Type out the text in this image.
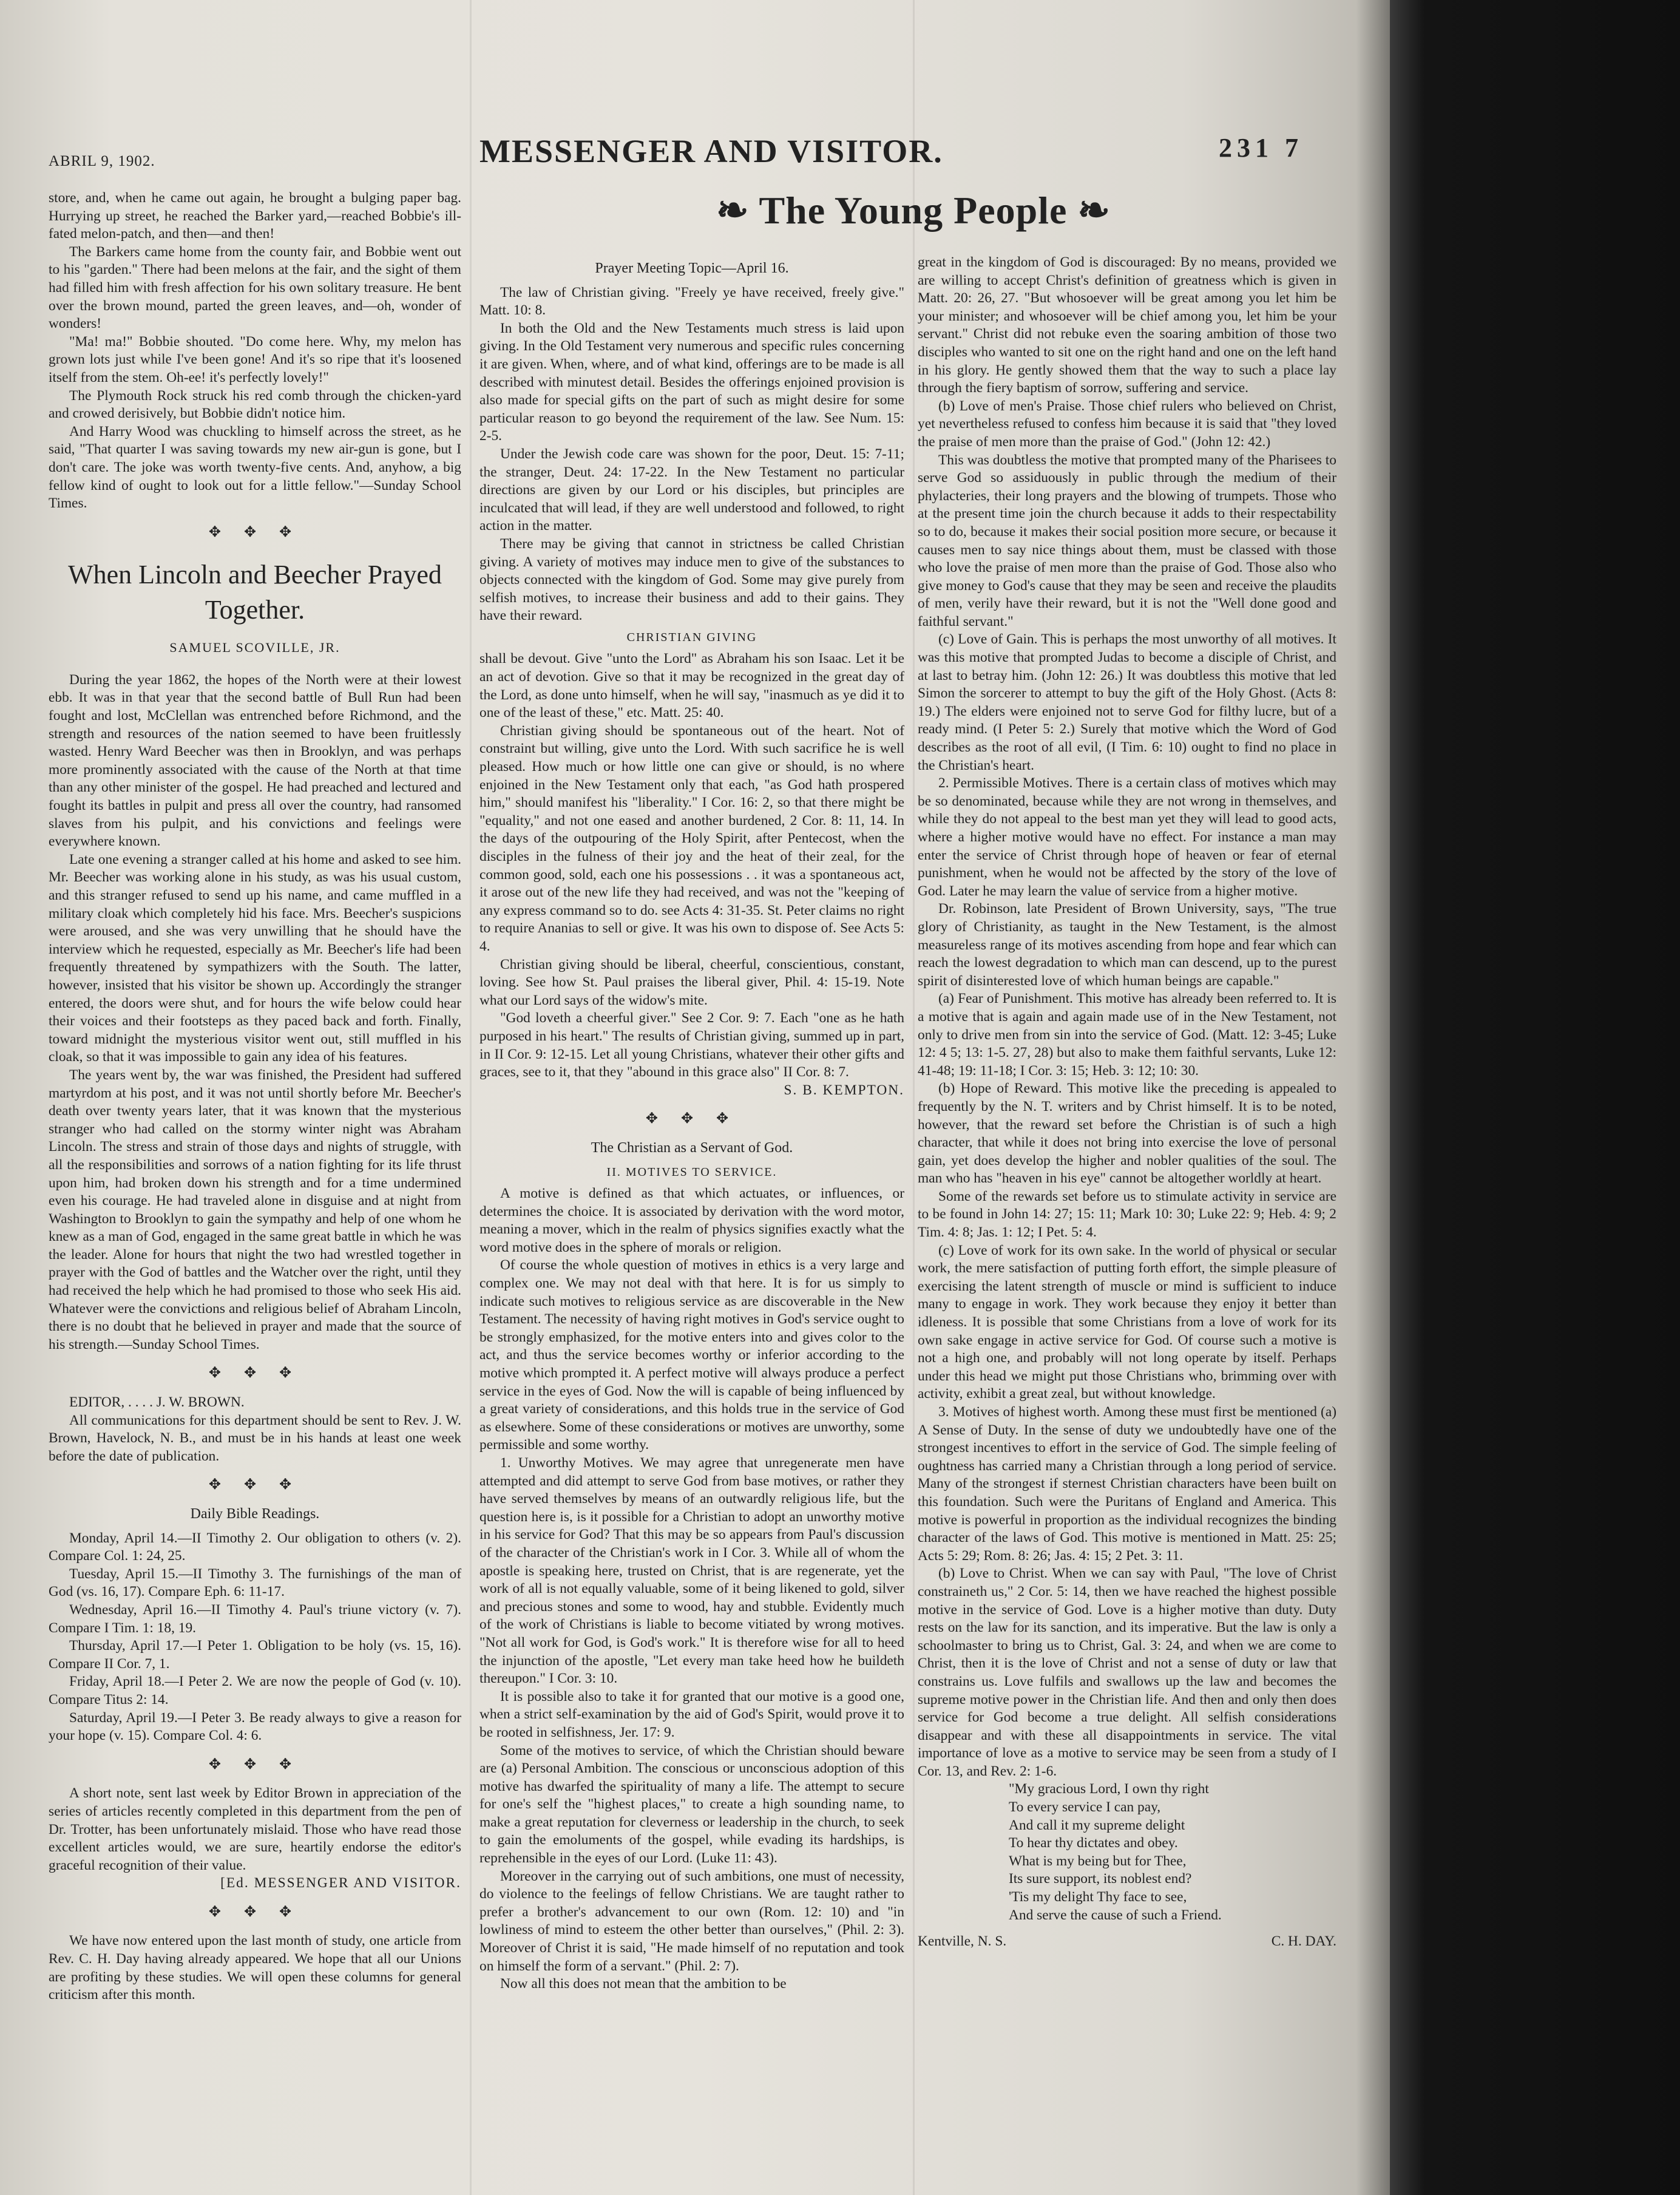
ABRIL 9, 1902.	MESSENGER AND VISITOR.	231 7
❧ The Young People ❧

store, and, when he came out again, he brought a bulging paper bag. Hurrying up street, he reached the Barker yard,—reached Bobbie's ill-fated melon-patch, and then—and then!

The Barkers came home from the county fair, and Bobbie went out to his "garden." There had been melons at the fair, and the sight of them had filled him with fresh affection for his own solitary treasure. He bent over the brown mound, parted the green leaves, and—oh, wonder of wonders!

"Ma! ma!" Bobbie shouted. "Do come here. Why, my melon has grown lots just while I've been gone! And it's so ripe that it's loosened itself from the stem. Oh-ee! it's perfectly lovely!"

The Plymouth Rock struck his red comb through the chicken-yard and crowed derisively, but Bobbie didn't notice him.

And Harry Wood was chuckling to himself across the street, as he said, "That quarter I was saving towards my new air-gun is gone, but I don't care. The joke was worth twenty-five cents. And, anyhow, a big fellow kind of ought to look out for a little fellow."—Sunday School Times.

✥ ✥ ✥
When Lincoln and Beecher Prayed Together.
SAMUEL SCOVILLE, JR.

During the year 1862, the hopes of the North were at their lowest ebb. It was in that year that the second battle of Bull Run had been fought and lost, McClellan was entrenched before Richmond, and the strength and resources of the nation seemed to have been fruitlessly wasted. Henry Ward Beecher was then in Brooklyn, and was perhaps more prominently associated with the cause of the North at that time than any other minister of the gospel. He had preached and lectured and fought its battles in pulpit and press all over the country, had ransomed slaves from his pulpit, and his convictions and feelings were everywhere known.

Late one evening a stranger called at his home and asked to see him. Mr. Beecher was working alone in his study, as was his usual custom, and this stranger refused to send up his name, and came muffled in a military cloak which completely hid his face. Mrs. Beecher's suspicions were aroused, and she was very unwilling that he should have the interview which he requested, especially as Mr. Beecher's life had been frequently threatened by sympathizers with the South. The latter, however, insisted that his visitor be shown up. Accordingly the stranger entered, the doors were shut, and for hours the wife below could hear their voices and their footsteps as they paced back and forth. Finally, toward midnight the mysterious visitor went out, still muffled in his cloak, so that it was impossible to gain any idea of his features.

The years went by, the war was finished, the President had suffered martyrdom at his post, and it was not until shortly before Mr. Beecher's death over twenty years later, that it was known that the mysterious stranger who had called on the stormy winter night was Abraham Lincoln. The stress and strain of those days and nights of struggle, with all the responsibilities and sorrows of a nation fighting for its life thrust upon him, had broken down his strength and for a time undermined even his courage. He had traveled alone in disguise and at night from Washington to Brooklyn to gain the sympathy and help of one whom he knew as a man of God, engaged in the same great battle in which he was the leader. Alone for hours that night the two had wrestled together in prayer with the God of battles and the Watcher over the right, until they had received the help which he had promised to those who seek His aid. Whatever were the convictions and religious belief of Abraham Lincoln, there is no doubt that he believed in prayer and made that the source of his strength.—Sunday School Times.

✥ ✥ ✥

EDITOR, . . . . J. W. BROWN.

All communications for this department should be sent to Rev. J. W. Brown, Havelock, N. B., and must be in his hands at least one week before the date of publication.

✥ ✥ ✥
Daily Bible Readings.

Monday, April 14.—II Timothy 2. Our obligation to others (v. 2). Compare Col. 1: 24, 25.

Tuesday, April 15.—II Timothy 3. The furnishings of the man of God (vs. 16, 17). Compare Eph. 6: 11-17.

Wednesday, April 16.—II Timothy 4. Paul's triune victory (v. 7). Compare I Tim. 1: 18, 19.

Thursday, April 17.—I Peter 1. Obligation to be holy (vs. 15, 16). Compare II Cor. 7, 1.

Friday, April 18.—I Peter 2. We are now the people of God (v. 10). Compare Titus 2: 14.

Saturday, April 19.—I Peter 3. Be ready always to give a reason for your hope (v. 15). Compare Col. 4: 6.

✥ ✥ ✥

A short note, sent last week by Editor Brown in appreciation of the series of articles recently completed in this department from the pen of Dr. Trotter, has been unfortunately mislaid. Those who have read those excellent articles would, we are sure, heartily endorse the editor's graceful recognition of their value.

[Ed. MESSENGER AND VISITOR.

✥ ✥ ✥

We have now entered upon the last month of study, one article from Rev. C. H. Day having already appeared. We hope that all our Unions are profiting by these studies. We will open these columns for general criticism after this month.

Prayer Meeting Topic—April 16.

The law of Christian giving. "Freely ye have received, freely give." Matt. 10: 8.

In both the Old and the New Testaments much stress is laid upon giving. In the Old Testament very numerous and specific rules concerning it are given. When, where, and of what kind, offerings are to be made is all described with minutest detail. Besides the offerings enjoined provision is also made for special gifts on the part of such as might desire for some particular reason to go beyond the requirement of the law. See Num. 15: 2-5.

Under the Jewish code care was shown for the poor, Deut. 15: 7-11; the stranger, Deut. 24: 17-22. In the New Testament no particular directions are given by our Lord or his disciples, but principles are inculcated that will lead, if they are well understood and followed, to right action in the matter.

There may be giving that cannot in strictness be called Christian giving. A variety of motives may induce men to give of the substances to objects connected with the kingdom of God. Some may give purely from selfish motives, to increase their business and add to their gains. They have their reward.

CHRISTIAN GIVING

shall be devout. Give "unto the Lord" as Abraham his son Isaac. Let it be an act of devotion. Give so that it may be recognized in the great day of the Lord, as done unto himself, when he will say, "inasmuch as ye did it to one of the least of these," etc. Matt. 25: 40.

Christian giving should be spontaneous out of the heart. Not of constraint but willing, give unto the Lord. With such sacrifice he is well pleased. How much or how little one can give or should, is no where enjoined in the New Testament only that each, "as God hath prospered him," should manifest his "liberality." I Cor. 16: 2, so that there might be "equality," and not one eased and another burdened, 2 Cor. 8: 11, 14. In the days of the outpouring of the Holy Spirit, after Pentecost, when the disciples in the fulness of their joy and the heat of their zeal, for the common good, sold, each one his possessions . . it was a spontaneous act, it arose out of the new life they had received, and was not the "keeping of any express command so to do. see Acts 4: 31-35. St. Peter claims no right to require Ananias to sell or give. It was his own to dispose of. See Acts 5: 4.

Christian giving should be liberal, cheerful, conscientious, constant, loving. See how St. Paul praises the liberal giver, Phil. 4: 15-19. Note what our Lord says of the widow's mite.

"God loveth a cheerful giver." See 2 Cor. 9: 7. Each "one as he hath purposed in his heart." The results of Christian giving, summed up in part, in II Cor. 9: 12-15. Let all young Christians, whatever their other gifts and graces, see to it, that they "abound in this grace also" II Cor. 8: 7.

S. B. KEMPTON.

✥ ✥ ✥
The Christian as a Servant of God.
II. MOTIVES TO SERVICE.

A motive is defined as that which actuates, or influences, or determines the choice. It is associated by derivation with the word motor, meaning a mover, which in the realm of physics signifies exactly what the word motive does in the sphere of morals or religion.

Of course the whole question of motives in ethics is a very large and complex one. We may not deal with that here. It is for us simply to indicate such motives to religious service as are discoverable in the New Testament. The necessity of having right motives in God's service ought to be strongly emphasized, for the motive enters into and gives color to the act, and thus the service becomes worthy or inferior according to the motive which prompted it. A perfect motive will always produce a perfect service in the eyes of God. Now the will is capable of being influenced by a great variety of considerations, and this holds true in the service of God as elsewhere. Some of these considerations or motives are unworthy, some permissible and some worthy.

1. Unworthy Motives. We may agree that unregenerate men have attempted and did attempt to serve God from base motives, or rather they have served themselves by means of an outwardly religious life, but the question here is, is it possible for a Christian to adopt an unworthy motive in his service for God? That this may be so appears from Paul's discussion of the character of the Christian's work in I Cor. 3. While all of whom the apostle is speaking here, trusted on Christ, that is are regenerate, yet the work of all is not equally valuable, some of it being likened to gold, silver and precious stones and some to wood, hay and stubble. Evidently much of the work of Christians is liable to become vitiated by wrong motives. "Not all work for God, is God's work." It is therefore wise for all to heed the injunction of the apostle, "Let every man take heed how he buildeth thereupon." I Cor. 3: 10.

It is possible also to take it for granted that our motive is a good one, when a strict self-examination by the aid of God's Spirit, would prove it to be rooted in selfishness, Jer. 17: 9.

Some of the motives to service, of which the Christian should beware are (a) Personal Ambition. The conscious or unconscious adoption of this motive has dwarfed the spirituality of many a life. The attempt to secure for one's self the "highest places," to create a high sounding name, to make a great reputation for cleverness or leadership in the church, to seek to gain the emoluments of the gospel, while evading its hardships, is reprehensible in the eyes of our Lord. (Luke 11: 43).

Moreover in the carrying out of such ambitions, one must of necessity, do violence to the feelings of fellow Christians. We are taught rather to prefer a brother's advancement to our own (Rom. 12: 10) and "in lowliness of mind to esteem the other better than ourselves," (Phil. 2: 3). Moreover of Christ it is said, "He made himself of no reputation and took on himself the form of a servant." (Phil. 2: 7).

Now all this does not mean that the ambition to be

great in the kingdom of God is discouraged: By no means, provided we are willing to accept Christ's definition of greatness which is given in Matt. 20: 26, 27. "But whosoever will be great among you let him be your minister; and whosoever will be chief among you, let him be your servant." Christ did not rebuke even the soaring ambition of those two disciples who wanted to sit one on the right hand and one on the left hand in his glory. He gently showed them that the way to such a place lay through the fiery baptism of sorrow, suffering and service.

(b) Love of men's Praise. Those chief rulers who believed on Christ, yet nevertheless refused to confess him because it is said that "they loved the praise of men more than the praise of God." (John 12: 42.)

This was doubtless the motive that prompted many of the Pharisees to serve God so assiduously in public through the medium of their phylacteries, their long prayers and the blowing of trumpets. Those who at the present time join the church because it adds to their respectability so to do, because it makes their social position more secure, or because it causes men to say nice things about them, must be classed with those who love the praise of men more than the praise of God. Those also who give money to God's cause that they may be seen and receive the plaudits of men, verily have their reward, but it is not the "Well done good and faithful servant."

(c) Love of Gain. This is perhaps the most unworthy of all motives. It was this motive that prompted Judas to become a disciple of Christ, and at last to betray him. (John 12: 26.) It was doubtless this motive that led Simon the sorcerer to attempt to buy the gift of the Holy Ghost. (Acts 8: 19.) The elders were enjoined not to serve God for filthy lucre, but of a ready mind. (I Peter 5: 2.) Surely that motive which the Word of God describes as the root of all evil, (I Tim. 6: 10) ought to find no place in the Christian's heart.

2. Permissible Motives. There is a certain class of motives which may be so denominated, because while they are not wrong in themselves, and while they do not appeal to the best man yet they will lead to good acts, where a higher motive would have no effect. For instance a man may enter the service of Christ through hope of heaven or fear of eternal punishment, when he would not be affected by the story of the love of God. Later he may learn the value of service from a higher motive.

Dr. Robinson, late President of Brown University, says, "The true glory of Christianity, as taught in the New Testament, is the almost measureless range of its motives ascending from hope and fear which can reach the lowest degradation to which man can descend, up to the purest spirit of disinterested love of which human beings are capable."

(a) Fear of Punishment. This motive has already been referred to. It is a motive that is again and again made use of in the New Testament, not only to drive men from sin into the service of God. (Matt. 12: 3-45; Luke 12: 4 5; 13: 1-5. 27, 28) but also to make them faithful servants, Luke 12: 41-48; 19: 11-18; I Cor. 3: 15; Heb. 3: 12; 10: 30.

(b) Hope of Reward. This motive like the preceding is appealed to frequently by the N. T. writers and by Christ himself. It is to be noted, however, that the reward set before the Christian is of such a high character, that while it does not bring into exercise the love of personal gain, yet does develop the higher and nobler qualities of the soul. The man who has "heaven in his eye" cannot be altogether worldly at heart.

Some of the rewards set before us to stimulate activity in service are to be found in John 14: 27; 15: 11; Mark 10: 30; Luke 22: 9; Heb. 4: 9; 2 Tim. 4: 8; Jas. 1: 12; I Pet. 5: 4.

(c) Love of work for its own sake. In the world of physical or secular work, the mere satisfaction of putting forth effort, the simple pleasure of exercising the latent strength of muscle or mind is sufficient to induce many to engage in work. They work because they enjoy it better than idleness. It is possible that some Christians from a love of work for its own sake engage in active service for God. Of course such a motive is not a high one, and probably will not long operate by itself. Perhaps under this head we might put those Christians who, brimming over with activity, exhibit a great zeal, but without knowledge.

3. Motives of highest worth. Among these must first be mentioned (a) A Sense of Duty. In the sense of duty we undoubtedly have one of the strongest incentives to effort in the service of God. The simple feeling of oughtness has carried many a Christian through a long period of service. Many of the strongest if sternest Christian characters have been built on this foundation. Such were the Puritans of England and America. This motive is powerful in proportion as the individual recognizes the binding character of the laws of God. This motive is mentioned in Matt. 25: 25; Acts 5: 29; Rom. 8: 26; Jas. 4: 15; 2 Pet. 3: 11.

(b) Love to Christ. When we can say with Paul, "The love of Christ constraineth us," 2 Cor. 5: 14, then we have reached the highest possible motive in the service of God. Love is a higher motive than duty. Duty rests on the law for its sanction, and its imperative. But the law is only a schoolmaster to bring us to Christ, Gal. 3: 24, and when we are come to Christ, then it is the love of Christ and not a sense of duty or law that constrains us. Love fulfils and swallows up the law and becomes the supreme motive power in the Christian life. And then and only then does service for God become a true delight. All selfish considerations disappear and with these all disappointments in service. The vital importance of love as a motive to service may be seen from a study of I Cor. 13, and Rev. 2: 1-6.

"My gracious Lord, I own thy right

To every service I can pay,

And call it my supreme delight

To hear thy dictates and obey.

What is my being but for Thee,

Its sure support, its noblest end?

'Tis my delight Thy face to see,

And serve the cause of such a Friend.

Kentville, N. S.	C. H. DAY.
